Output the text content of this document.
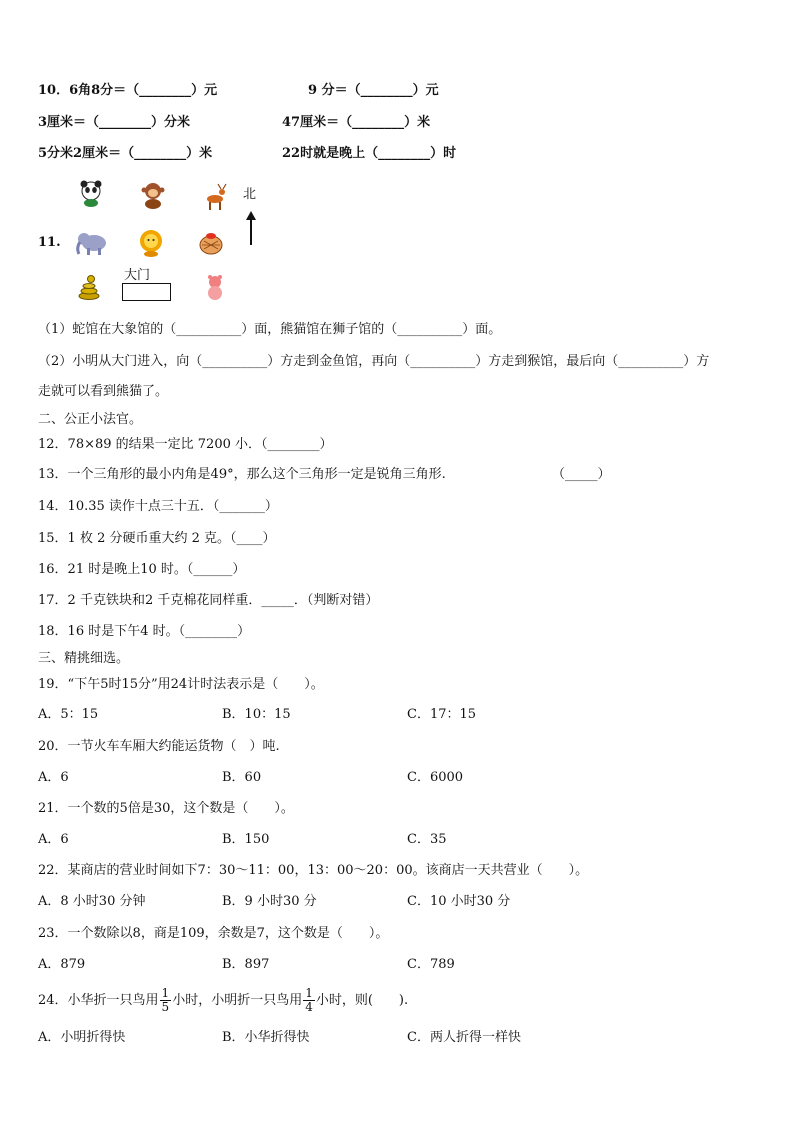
10．6角8分＝（________）元	9 分＝（________）元
3厘米＝（________）分米	47厘米＝（________）米
5分米2厘米＝（________）米	22时就是晚上（________）时
11.
北
大门
（1）蛇馆在大象馆的（__________）面，熊猫馆在狮子馆的（__________）面。
（2）小明从大门进入，向（__________）方走到金鱼馆，再向（__________）方走到猴馆，最后向（__________）方
走就可以看到熊猫了。
二、公正小法官。
12．78×89 的结果一定比 7200 小．（________）
13．一个三角形的最小内角是49°，那么这个三角形一定是锐角三角形.	（_____）
14．10.35 读作十点三十五．（_______）
15．1 枚 2 分硬币重大约 2 克。（____）
16．21 时是晚上10 时。（______）
17．2 千克铁块和2 千克棉花同样重．_____．（判断对错）
18．16 时是下午4 时。（________）
三、精挑细选。
19．“下午5时15分”用24计时法表示是（　　）。
A．5：15	B．10：15	C．17：15
20．一节火车车厢大约能运货物（　）吨.
A．6	B．60	C．6000
21．一个数的5倍是30，这个数是（　　）。
A．6	B．150	C．35
22．某商店的营业时间如下7：30～11：00，13：00～20：00。该商店一天共营业（　　）。
A．8 小时30 分钟	B．9 小时30 分	C．10 小时30 分
23．一个数除以8，商是109，余数是7，这个数是（　　）。
A．879	B．897	C．789
24．小华折一只鸟用 $\frac{1}{5}$ 小时，小明折一只鸟用 $\frac{1}{4}$ 小时，则(　　).
A．小明折得快	B．小华折得快	C．两人折得一样快
